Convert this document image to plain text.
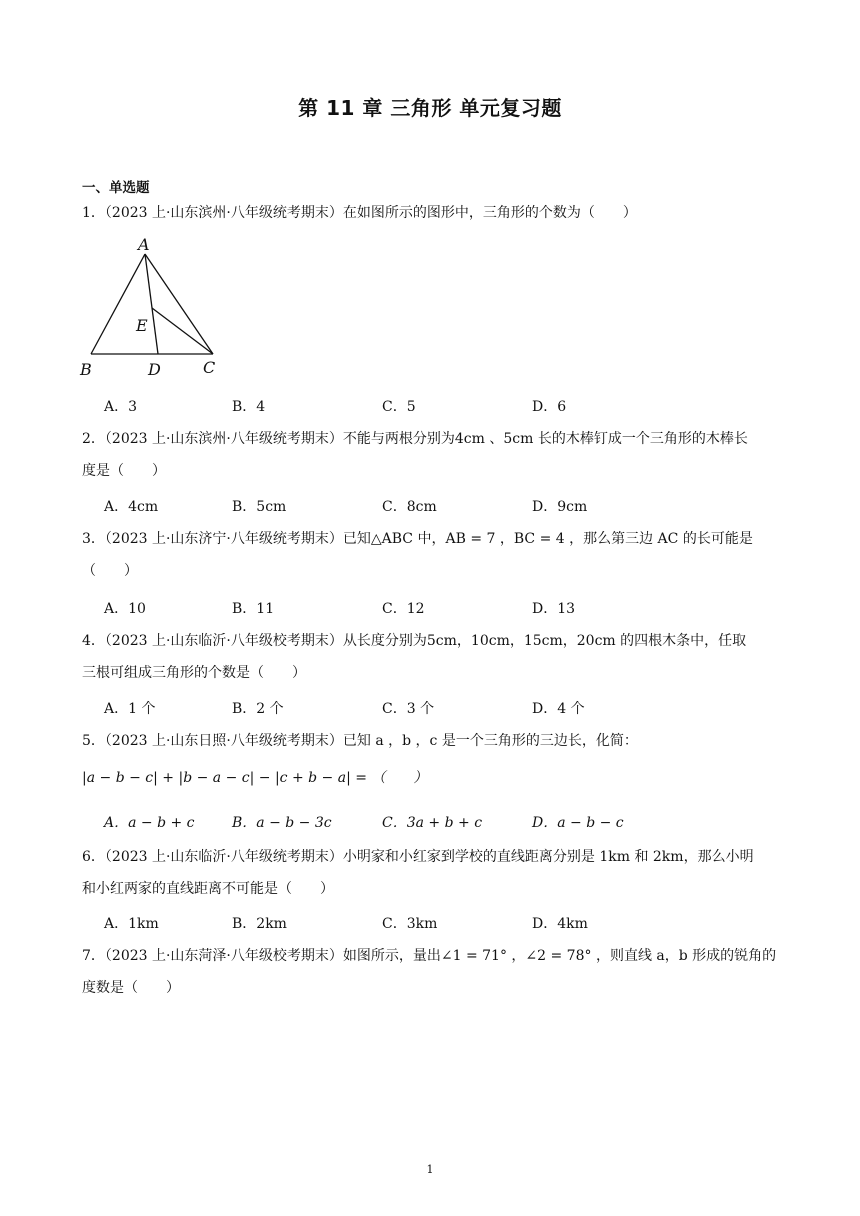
第 11 章 三角形 单元复习题
一、单选题
1．（2023 上·山东滨州·八年级统考期末）在如图所示的图形中，三角形的个数为（　　）
A
E
B	D	C
A．3	B．4	C．5	D．6
2．（2023 上·山东滨州·八年级统考期末）不能与两根分别为4cm 、5cm 长的木棒钉成一个三角形的木棒长
度是（　　）
A．4cm	B．5cm	C．8cm	D．9cm
3．（2023 上·山东济宁·八年级统考期末）已知△ABC 中，AB = 7 ，BC = 4 ，那么第三边 AC 的长可能是
（　　）
A．10	B．11	C．12	D．13
4．（2023 上·山东临沂·八年级校考期末）从长度分别为5cm，10cm，15cm，20cm 的四根木条中，任取
三根可组成三角形的个数是（　　）
A．1 个	B．2 个	C．3 个	D．4 个
5．（2023 上·山东日照·八年级统考期末）已知 a ，b ，c 是一个三角形的三边长，化简：
|a − b − c| + |b − a − c| − |c + b − a| = （　　）
A．a − b + c	B．a − b − 3c	C．3a + b + c	D．a − b − c
6．（2023 上·山东临沂·八年级统考期末）小明家和小红家到学校的直线距离分别是 1km 和 2km，那么小明
和小红两家的直线距离不可能是（　　）
A．1km	B．2km	C．3km	D．4km
7．（2023 上·山东菏泽·八年级校考期末）如图所示，量出∠1 = 71° ，∠2 = 78° ，则直线 a，b 形成的锐角的
度数是（　　）
1
